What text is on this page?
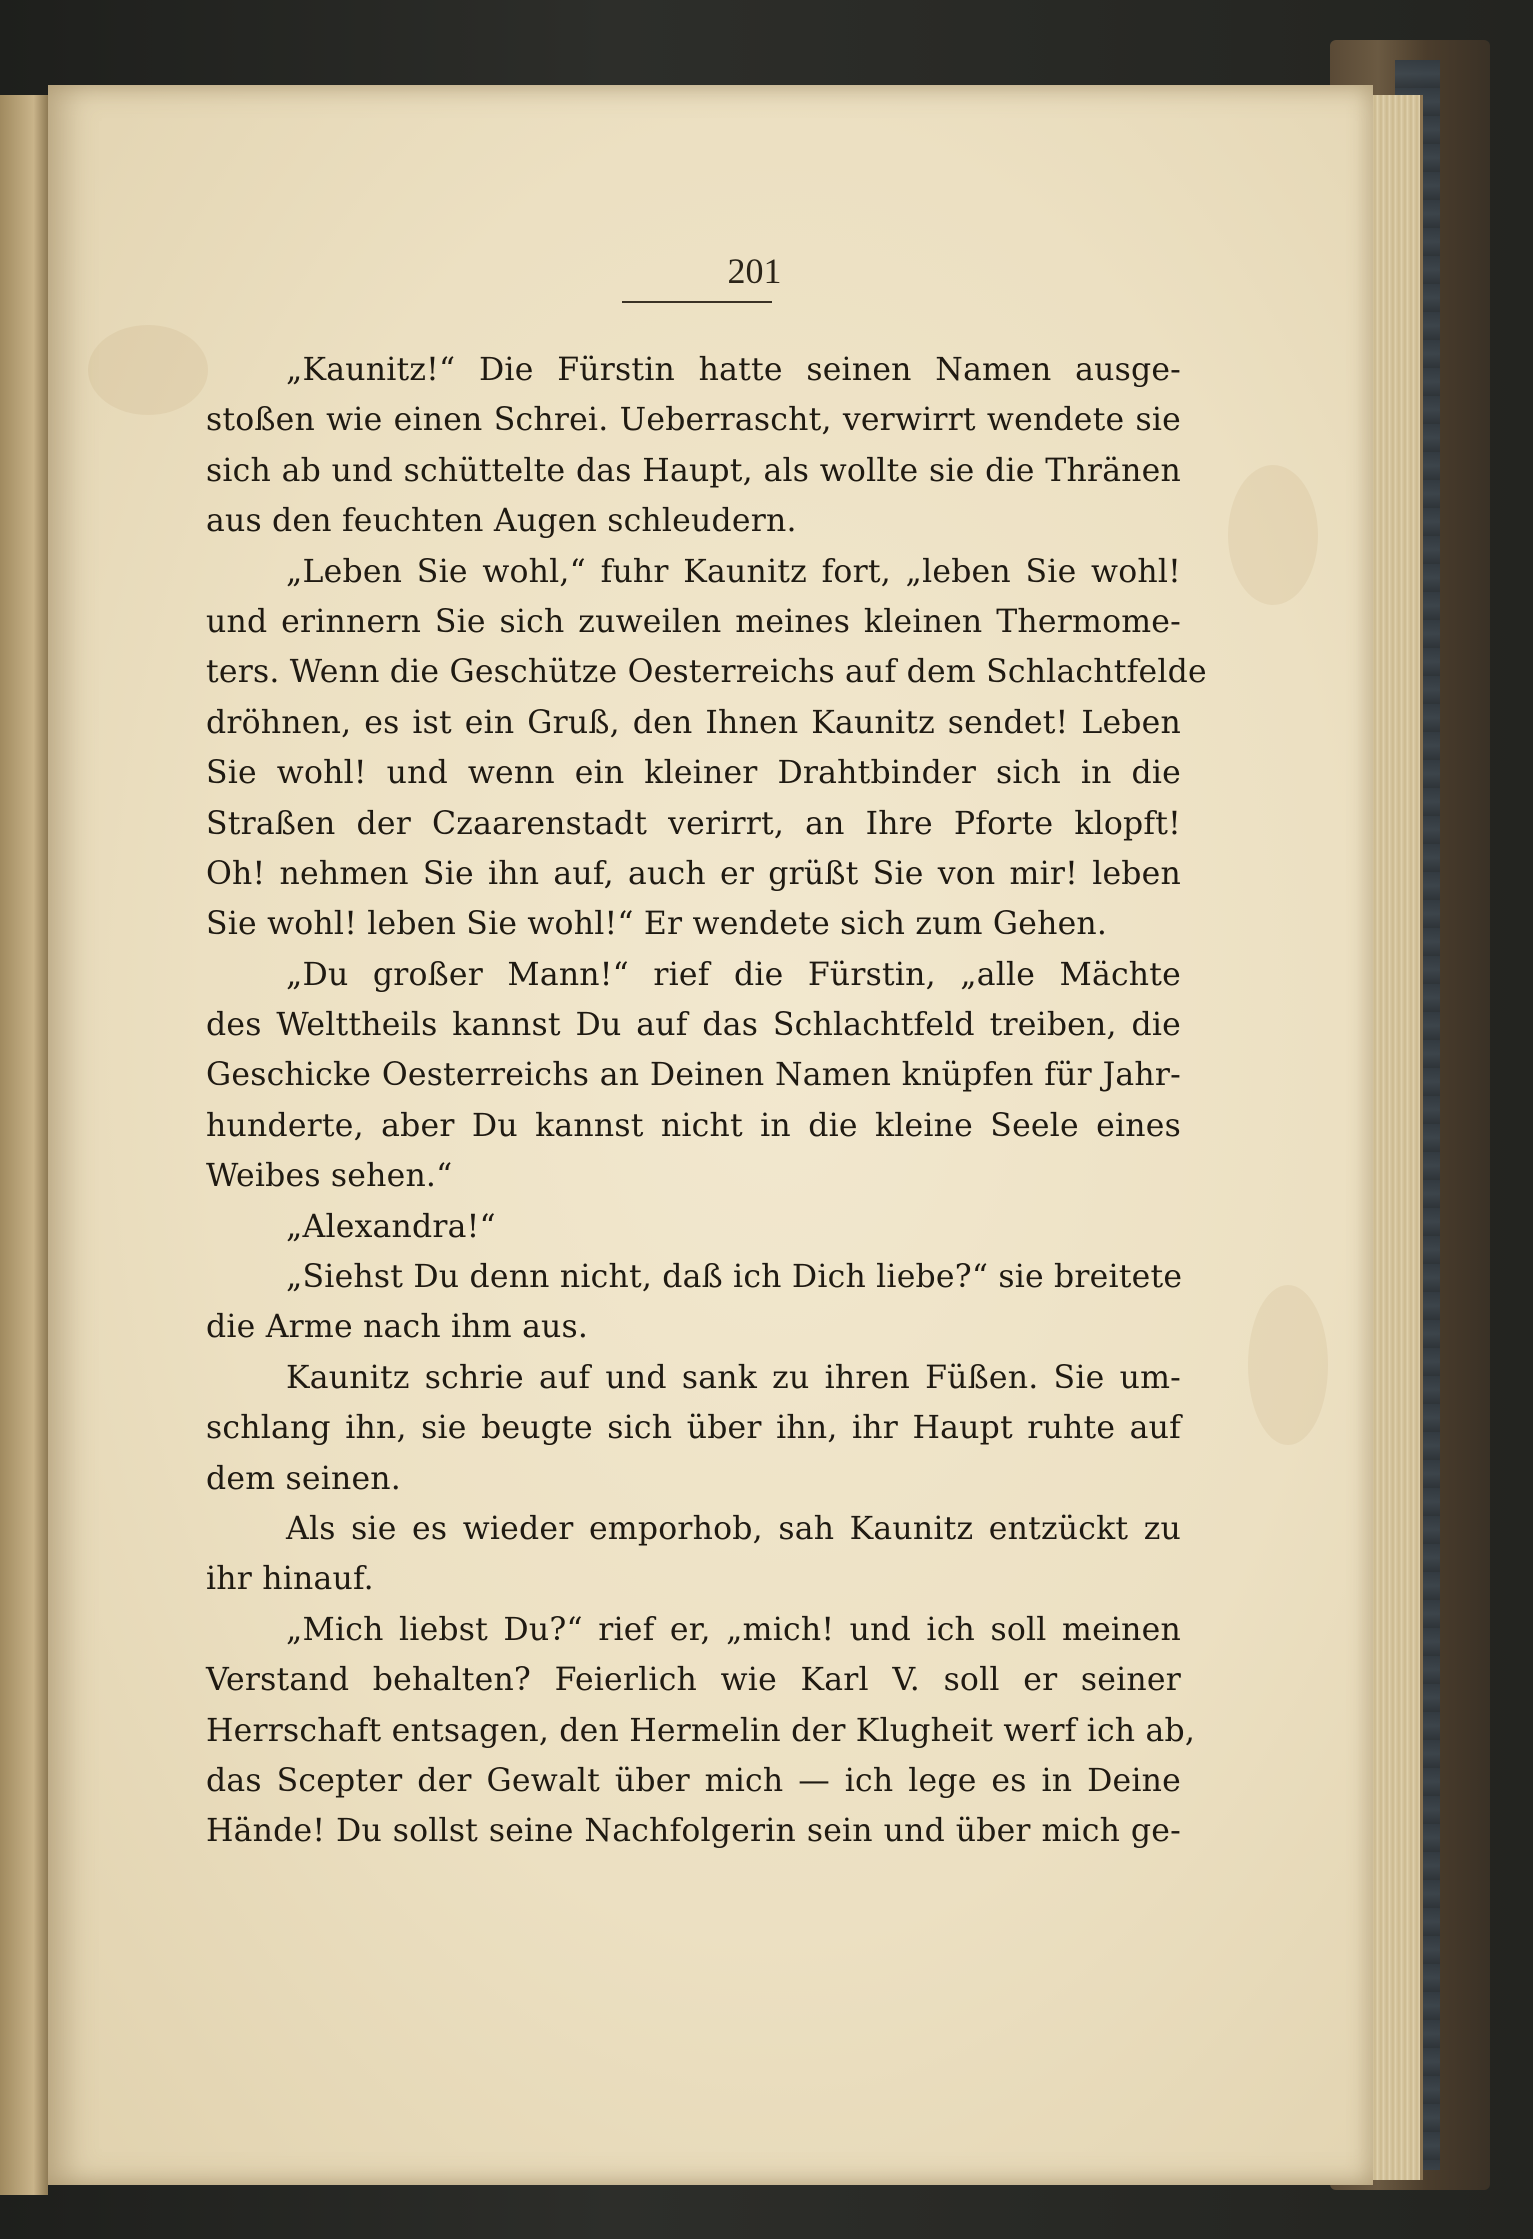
201
„Kaunitz!“ Die Fürstin hatte seinen Namen ausge-
stoßen wie einen Schrei. Ueberrascht, verwirrt wendete sie
sich ab und schüttelte das Haupt, als wollte sie die Thränen
aus den feuchten Augen schleudern.
„Leben Sie wohl,“ fuhr Kaunitz fort, „leben Sie wohl!
und erinnern Sie sich zuweilen meines kleinen Thermome-
ters. Wenn die Geschütze Oesterreichs auf dem Schlachtfelde
dröhnen, es ist ein Gruß, den Ihnen Kaunitz sendet! Leben
Sie wohl! und wenn ein kleiner Drahtbinder sich in die
Straßen der Czaarenstadt verirrt, an Ihre Pforte klopft!
Oh! nehmen Sie ihn auf, auch er grüßt Sie von mir! leben
Sie wohl! leben Sie wohl!“ Er wendete sich zum Gehen.
„Du großer Mann!“ rief die Fürstin, „alle Mächte
des Welttheils kannst Du auf das Schlachtfeld treiben, die
Geschicke Oesterreichs an Deinen Namen knüpfen für Jahr-
hunderte, aber Du kannst nicht in die kleine Seele eines
Weibes sehen.“
„Alexandra!“
„Siehst Du denn nicht, daß ich Dich liebe?“ sie breitete
die Arme nach ihm aus.
Kaunitz schrie auf und sank zu ihren Füßen. Sie um-
schlang ihn, sie beugte sich über ihn, ihr Haupt ruhte auf
dem seinen.
Als sie es wieder emporhob, sah Kaunitz entzückt zu
ihr hinauf.
„Mich liebst Du?“ rief er, „mich! und ich soll meinen
Verstand behalten? Feierlich wie Karl V. soll er seiner
Herrschaft entsagen, den Hermelin der Klugheit werf ich ab,
das Scepter der Gewalt über mich — ich lege es in Deine
Hände! Du sollst seine Nachfolgerin sein und über mich ge-
